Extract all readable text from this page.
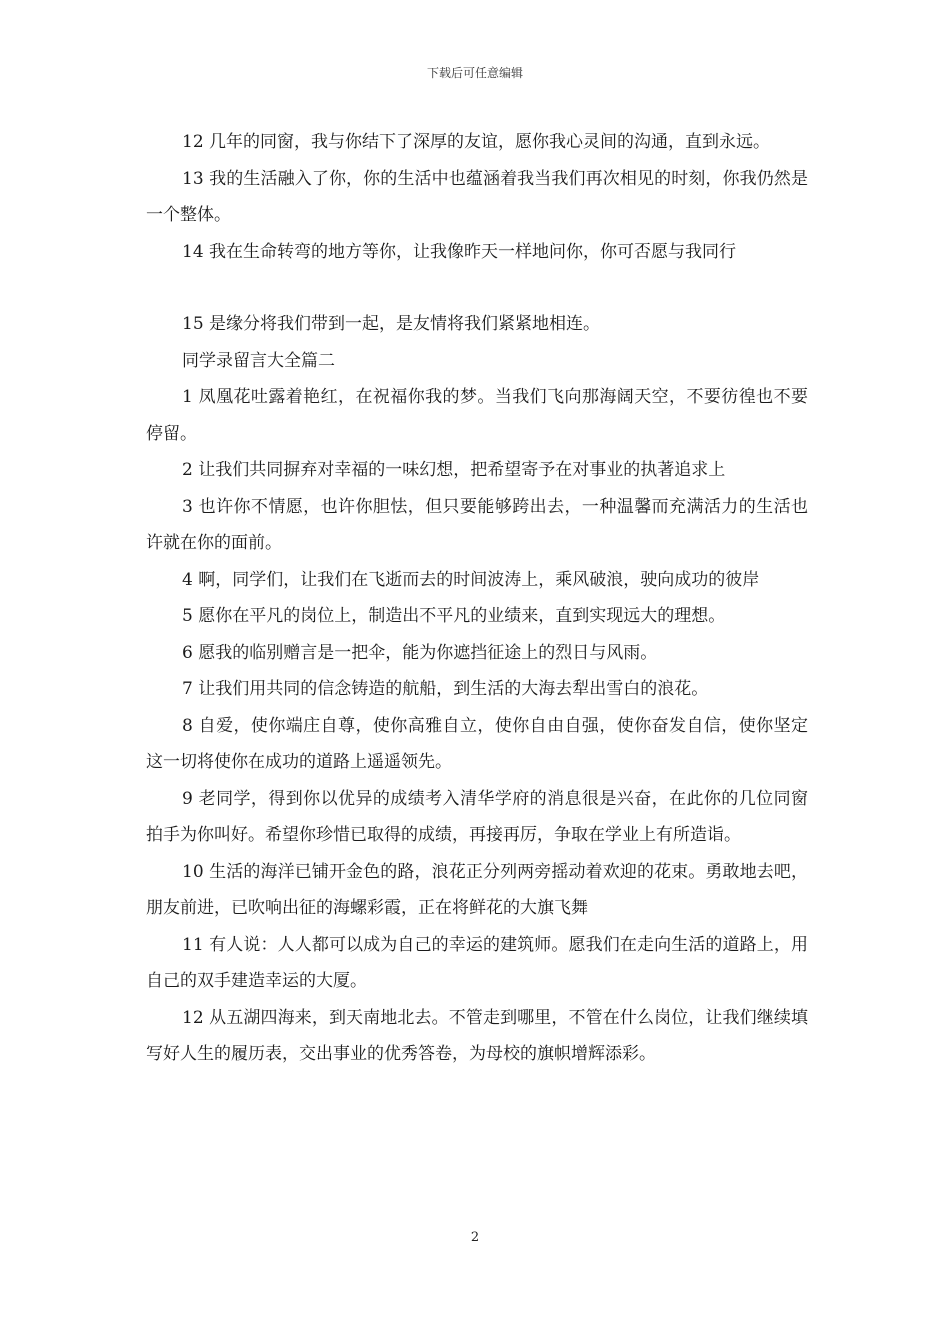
下载后可任意编辑

12 几年的同窗，我与你结下了深厚的友谊，愿你我心灵间的沟通，直到永远。

13 我的生活融入了你，你的生活中也蕴涵着我当我们再次相见的时刻，你我仍然是一个整体。

14 我在生命转弯的地方等你，让我像昨天一样地问你，你可否愿与我同行

15 是缘分将我们带到一起，是友情将我们紧紧地相连。

同学录留言大全篇二

1 凤凰花吐露着艳红，在祝福你我的梦。当我们飞向那海阔天空，不要彷徨也不要停留。

2 让我们共同摒弃对幸福的一味幻想，把希望寄予在对事业的执著追求上

3 也许你不情愿，也许你胆怯，但只要能够跨出去，一种温馨而充满活力的生活也许就在你的面前。

4 啊，同学们，让我们在飞逝而去的时间波涛上，乘风破浪，驶向成功的彼岸

5 愿你在平凡的岗位上，制造出不平凡的业绩来，直到实现远大的理想。

6 愿我的临别赠言是一把伞，能为你遮挡征途上的烈日与风雨。

7 让我们用共同的信念铸造的航船，到生活的大海去犁出雪白的浪花。

8 自爱，使你端庄自尊，使你高雅自立，使你自由自强，使你奋发自信，使你坚定这一切将使你在成功的道路上遥遥领先。

9 老同学，得到你以优异的成绩考入清华学府的消息很是兴奋，在此你的几位同窗拍手为你叫好。希望你珍惜已取得的成绩，再接再厉，争取在学业上有所造诣。

10 生活的海洋已铺开金色的路，浪花正分列两旁摇动着欢迎的花束。勇敢地去吧，朋友前进，已吹响出征的海螺彩霞，正在将鲜花的大旗飞舞

11 有人说：人人都可以成为自己的幸运的建筑师。愿我们在走向生活的道路上，用自己的双手建造幸运的大厦。

12 从五湖四海来，到天南地北去。不管走到哪里，不管在什么岗位，让我们继续填写好人生的履历表，交出事业的优秀答卷，为母校的旗帜增辉添彩。

2
